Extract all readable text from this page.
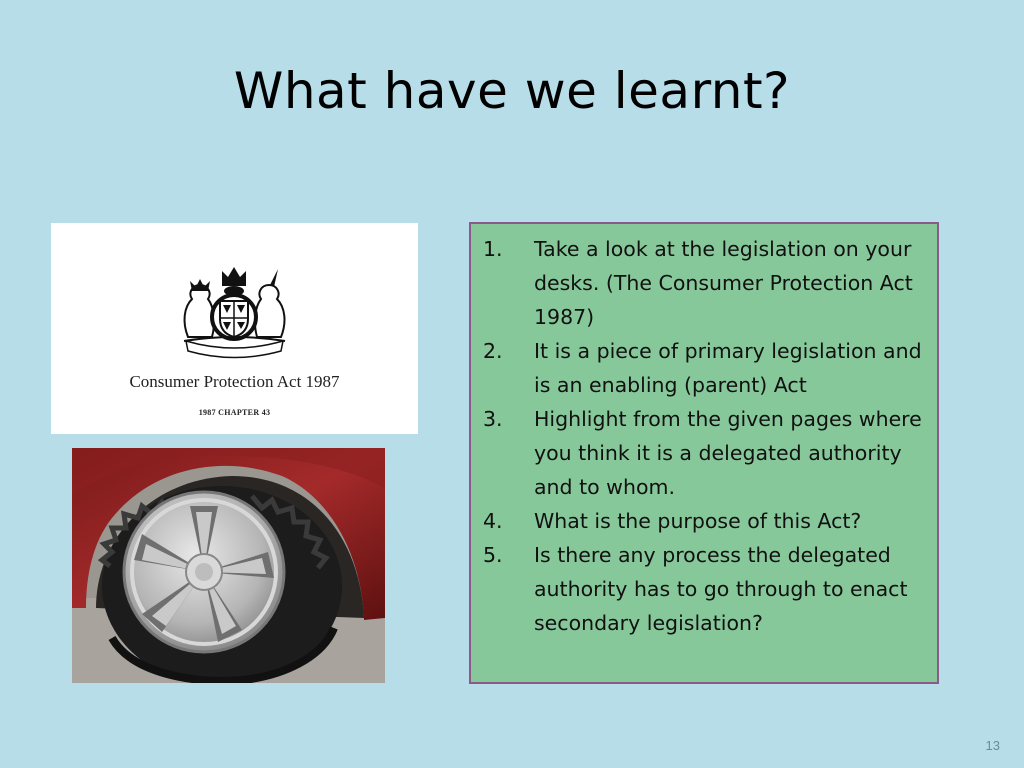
What have we learnt?
Consumer Protection Act 1987
1987 CHAPTER 43
1.	Take a look at the legislation on your desks. (The Consumer Protection Act 1987)
2.	It is a piece of primary legislation and is an enabling (parent) Act
3.	Highlight from the given pages where you think it is a delegated authority and to whom.
4.	What is the purpose of this Act?
5.	Is there any process the delegated authority has to go through to enact secondary legislation?
13
